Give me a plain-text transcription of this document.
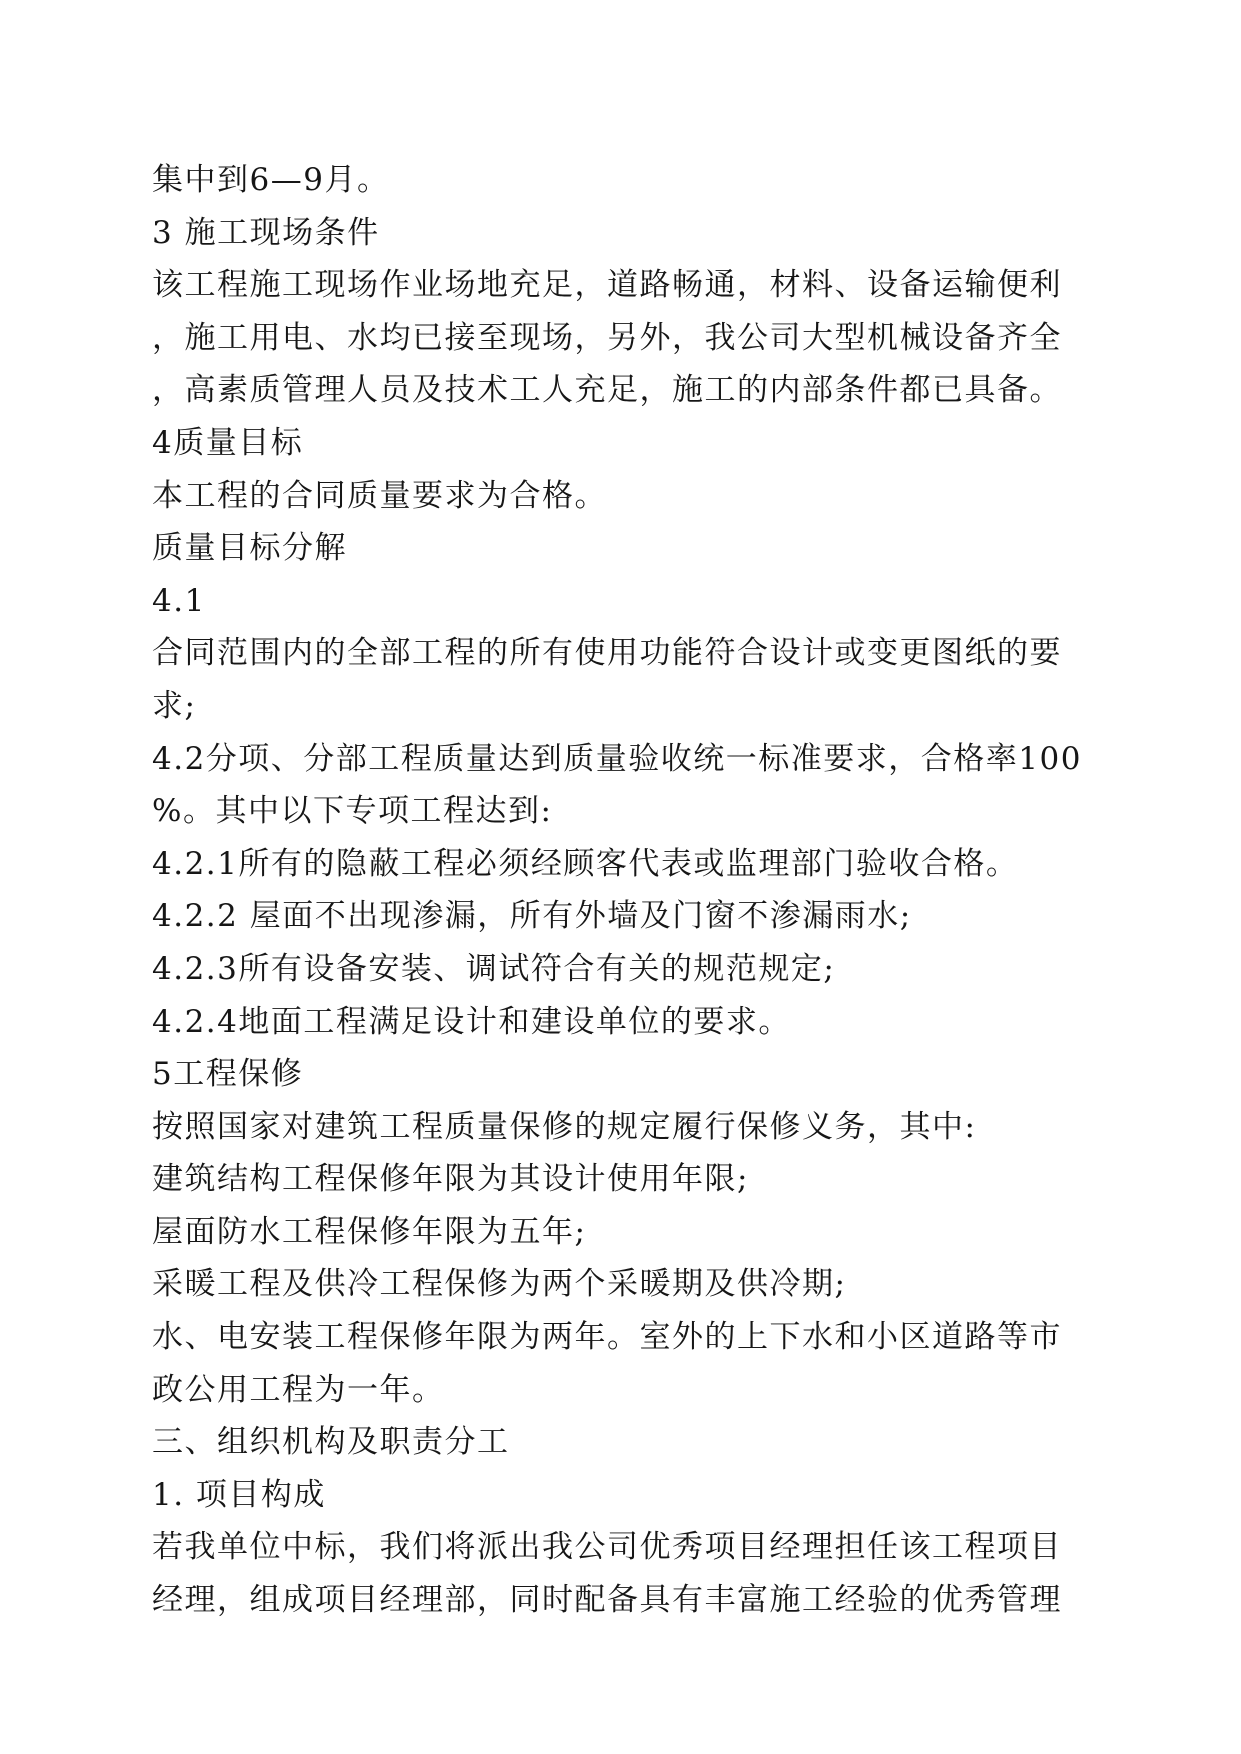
集中到6—9月。
3 施工现场条件
该工程施工现场作业场地充足，道路畅通，材料、设备运输便利
，施工用电、水均已接至现场，另外，我公司大型机械设备齐全
，高素质管理人员及技术工人充足，施工的内部条件都已具备。
4质量目标
本工程的合同质量要求为合格。
质量目标分解
4.1
合同范围内的全部工程的所有使用功能符合设计或变更图纸的要
求;
4.2分项、分部工程质量达到质量验收统一标准要求，合格率100
%。其中以下专项工程达到:
4.2.1所有的隐蔽工程必须经顾客代表或监理部门验收合格。
4.2.2 屋面不出现渗漏，所有外墙及门窗不渗漏雨水;
4.2.3所有设备安装、调试符合有关的规范规定;
4.2.4地面工程满足设计和建设单位的要求。
5工程保修
按照国家对建筑工程质量保修的规定履行保修义务，其中:
建筑结构工程保修年限为其设计使用年限;
屋面防水工程保修年限为五年;
采暖工程及供冷工程保修为两个采暖期及供冷期;
水、电安装工程保修年限为两年。室外的上下水和小区道路等市
政公用工程为一年。
三、组织机构及职责分工
1. 项目构成
若我单位中标，我们将派出我公司优秀项目经理担任该工程项目
经理，组成项目经理部，同时配备具有丰富施工经验的优秀管理
